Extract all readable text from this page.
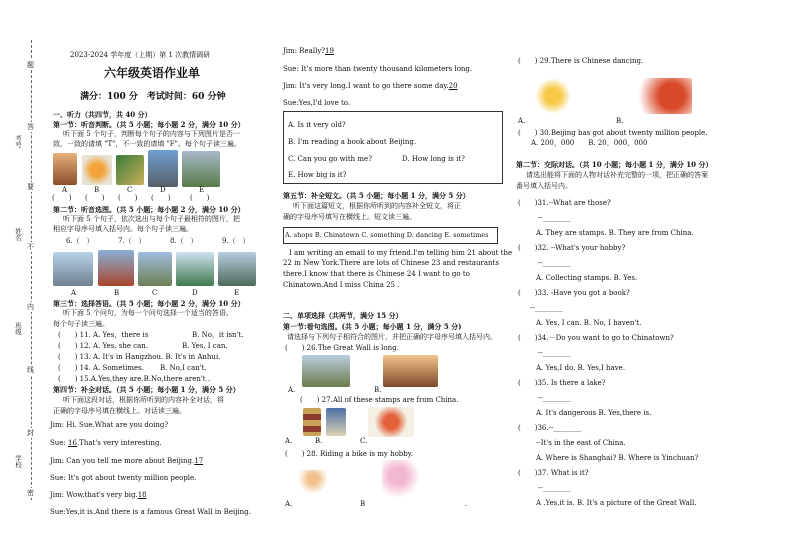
考号
姓名
班级
学校
题
答
要
不
内
线
封
密
2023-2024 学年度（上期）第 1 次教情调研
六年级英语作业单
满分：100 分　考试时间：60 分钟
一、听力（共四节，共 40 分）
第一节：听音判断。（共 5 小题；每小题 2 分，满分 10 分）
听下面 5 个句子，判断每个句子的内容与下列图片是否一
致，一致的请填 "T"，不一致的请填 "F"。每个句子读三遍。
A	B	C	D	E
(　　) (　　) (　　) (　　)	(　　)
第二节：听音选图。（共 5 小题；每小题 2 分，满分 10 分）
听下面 5 个句子，依次选出与每个句子最相符的图片，把
相应字母序号填入括号内。每个句子读三遍。
6.（　）	7.（　）	8.（　）	9.（　）
A	B	C	D	E
第三节：选择答语。（共 5 小题；每小题 2 分，满分 10 分）
听下面 5 个问句，为每一个问句选择一个适当的答语。
每个句子读三遍。
(　　) 11. A. Yes，there is	B. No，it isn't.
(　　) 12. A. Yes, she can.	B. Yes, I can.
(　　) 13. A. It's in Hangzhou. B. It's in Anhui.
(　　) 14. A. Sometimes. B. No,I can't.
(　　) 15.A.Yes,they are.B.No,there aren't .
第四节：补全对话。（共 5 小题；每小题 1 分，满分 5 分）
听下面这段对话，根据你所听到的内容补全对话，将
正确的字母序号填在横线上。对话读三遍。
Jim: Hi. Sue.What are you doing?
Sue: 16.That's very interesting.
Jim: Can you tell me more about Beijing.17
Sue: It's got about twenty million people.
Jim: Wow,that's very big.18
Sue:Yes,it is.And there is a famous Great Wall in Beijing.
Jim: Really?19
Sue: It's more than twenty thousand kilometers long.
Jim: It's very long.I want to go there some day.20
Sue:Yes,I'd love to.
A. Is it very old?
B. I'm reading a book about Beijing.
C. Can you go with me?	D. How long is it?
E. How big is it?
第五节：补全短文。（共 5 小题；每小题 1 分，满分 5 分）
听下面这篇短文，根据你所听到的内容补全短文，将正
确的字母序号填写在横线上。短文读三遍。
A. shops B. Chinatown C. something D. dancing E. sometimes
I am writing an email to my friend.I'm telling him 21 about the
22 in New York.There are lots of Chinese 23 and restaurants
there.I know that there is Chinese 24 I want to go to
Chinatown.And I miss China 25 .
二、单项选择（共两节，满分 15 分）
第一节:看句选图。(共 5 小题；每小题 1 分，满分 5 分)
请选择与下列句子相符合的图片，并把正确的字母序号填入括号内。
(　　) 26.The Great Wall is long.
A.	B.
(　　) 27.All of these stamps are from China.
A.	B.	C.
(　　) 28. Riding a bike is my hobby.
A.	B	.
(　　) 29.There is Chinese dancing.
A.	B.
(　　) 30.Beijing has got about twenty million people.
A. 200，000　　B. 20，000，000
第二节：交际对话。（共 10 小题；每小题 1 分，满分 10 分）
请选出能将下面的人物对话补充完整的一项，把正确的答案
番号填入括号内。
(　　)31.--What are those?
--________
A. They are stamps. B. They are from China.
(　　)32. --What's your hobby?
--________
A. Collecting stamps. B. Yes.
(　　)33. -Have you got a book?
--________
A. Yes, I can. B. No, I haven't.
(　　)34.－Do you want to go to Chinatown?
--________
A. Yes,I do. B. Yes,I have.
(　　)35. Is there a lake?
--________
A. It's dangerous B. Yes,there is.
(　　)36.--________
--It's in the east of China.
A. Where is Shanghai? B. Where is Yinchuan?
(　　)37. What is it?
--________
A .Yes,it is. B. It's a picture of the Great Wall.
